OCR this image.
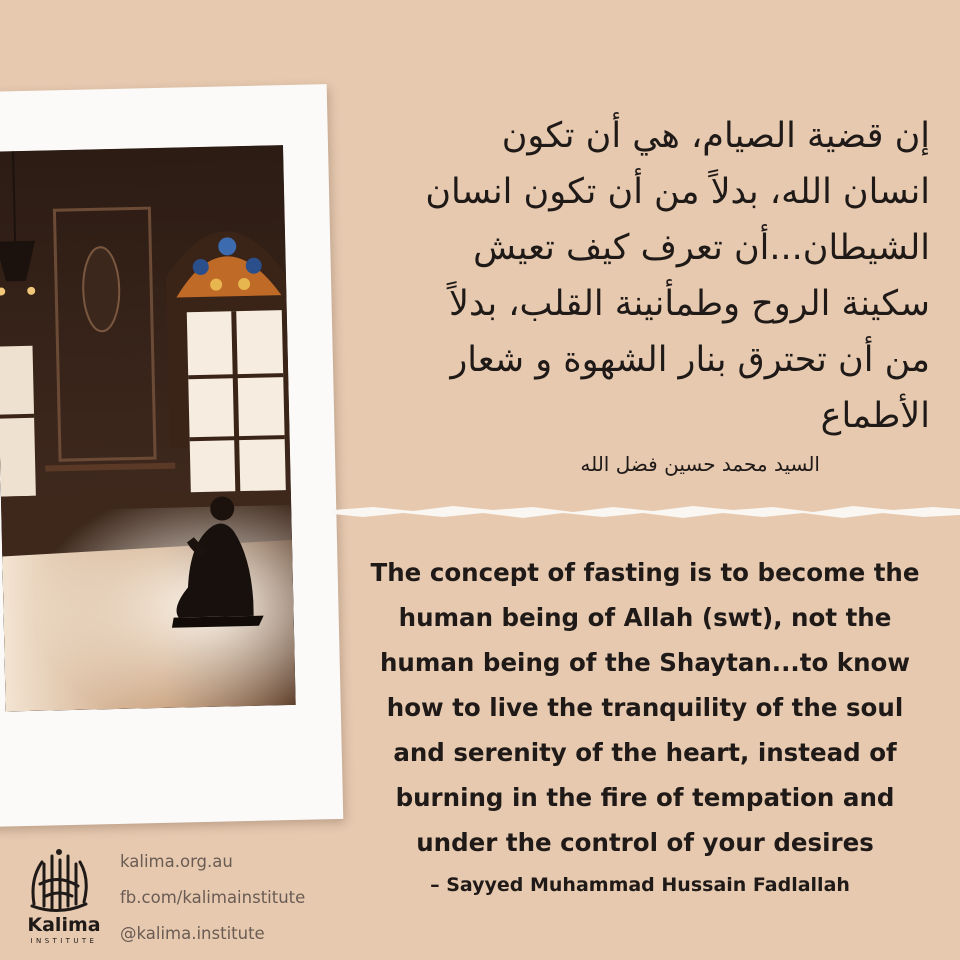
إن قضية الصيام، هي أن تكون
انسان الله، بدلاً من أن تكون انسان
الشيطان...أن تعرف كيف تعيش
سكينة الروح وطمأنينة القلب، بدلاً
من أن تحترق بنار الشهوة و شعار
الأطماع

السيد محمد حسين فضل الله

The concept of fasting is to become the
human being of Allah (swt), not the
human being of the Shaytan...to know
how to live the tranquility of the soul
and serenity of the heart, instead of
burning in the fire of tempation and
under the control of your desires

– Sayyed Muhammad Hussain Fadlallah

Kalima
INSTITUTE
kalima.org.au
fb.com/kalimainstitute
@kalima.institute
